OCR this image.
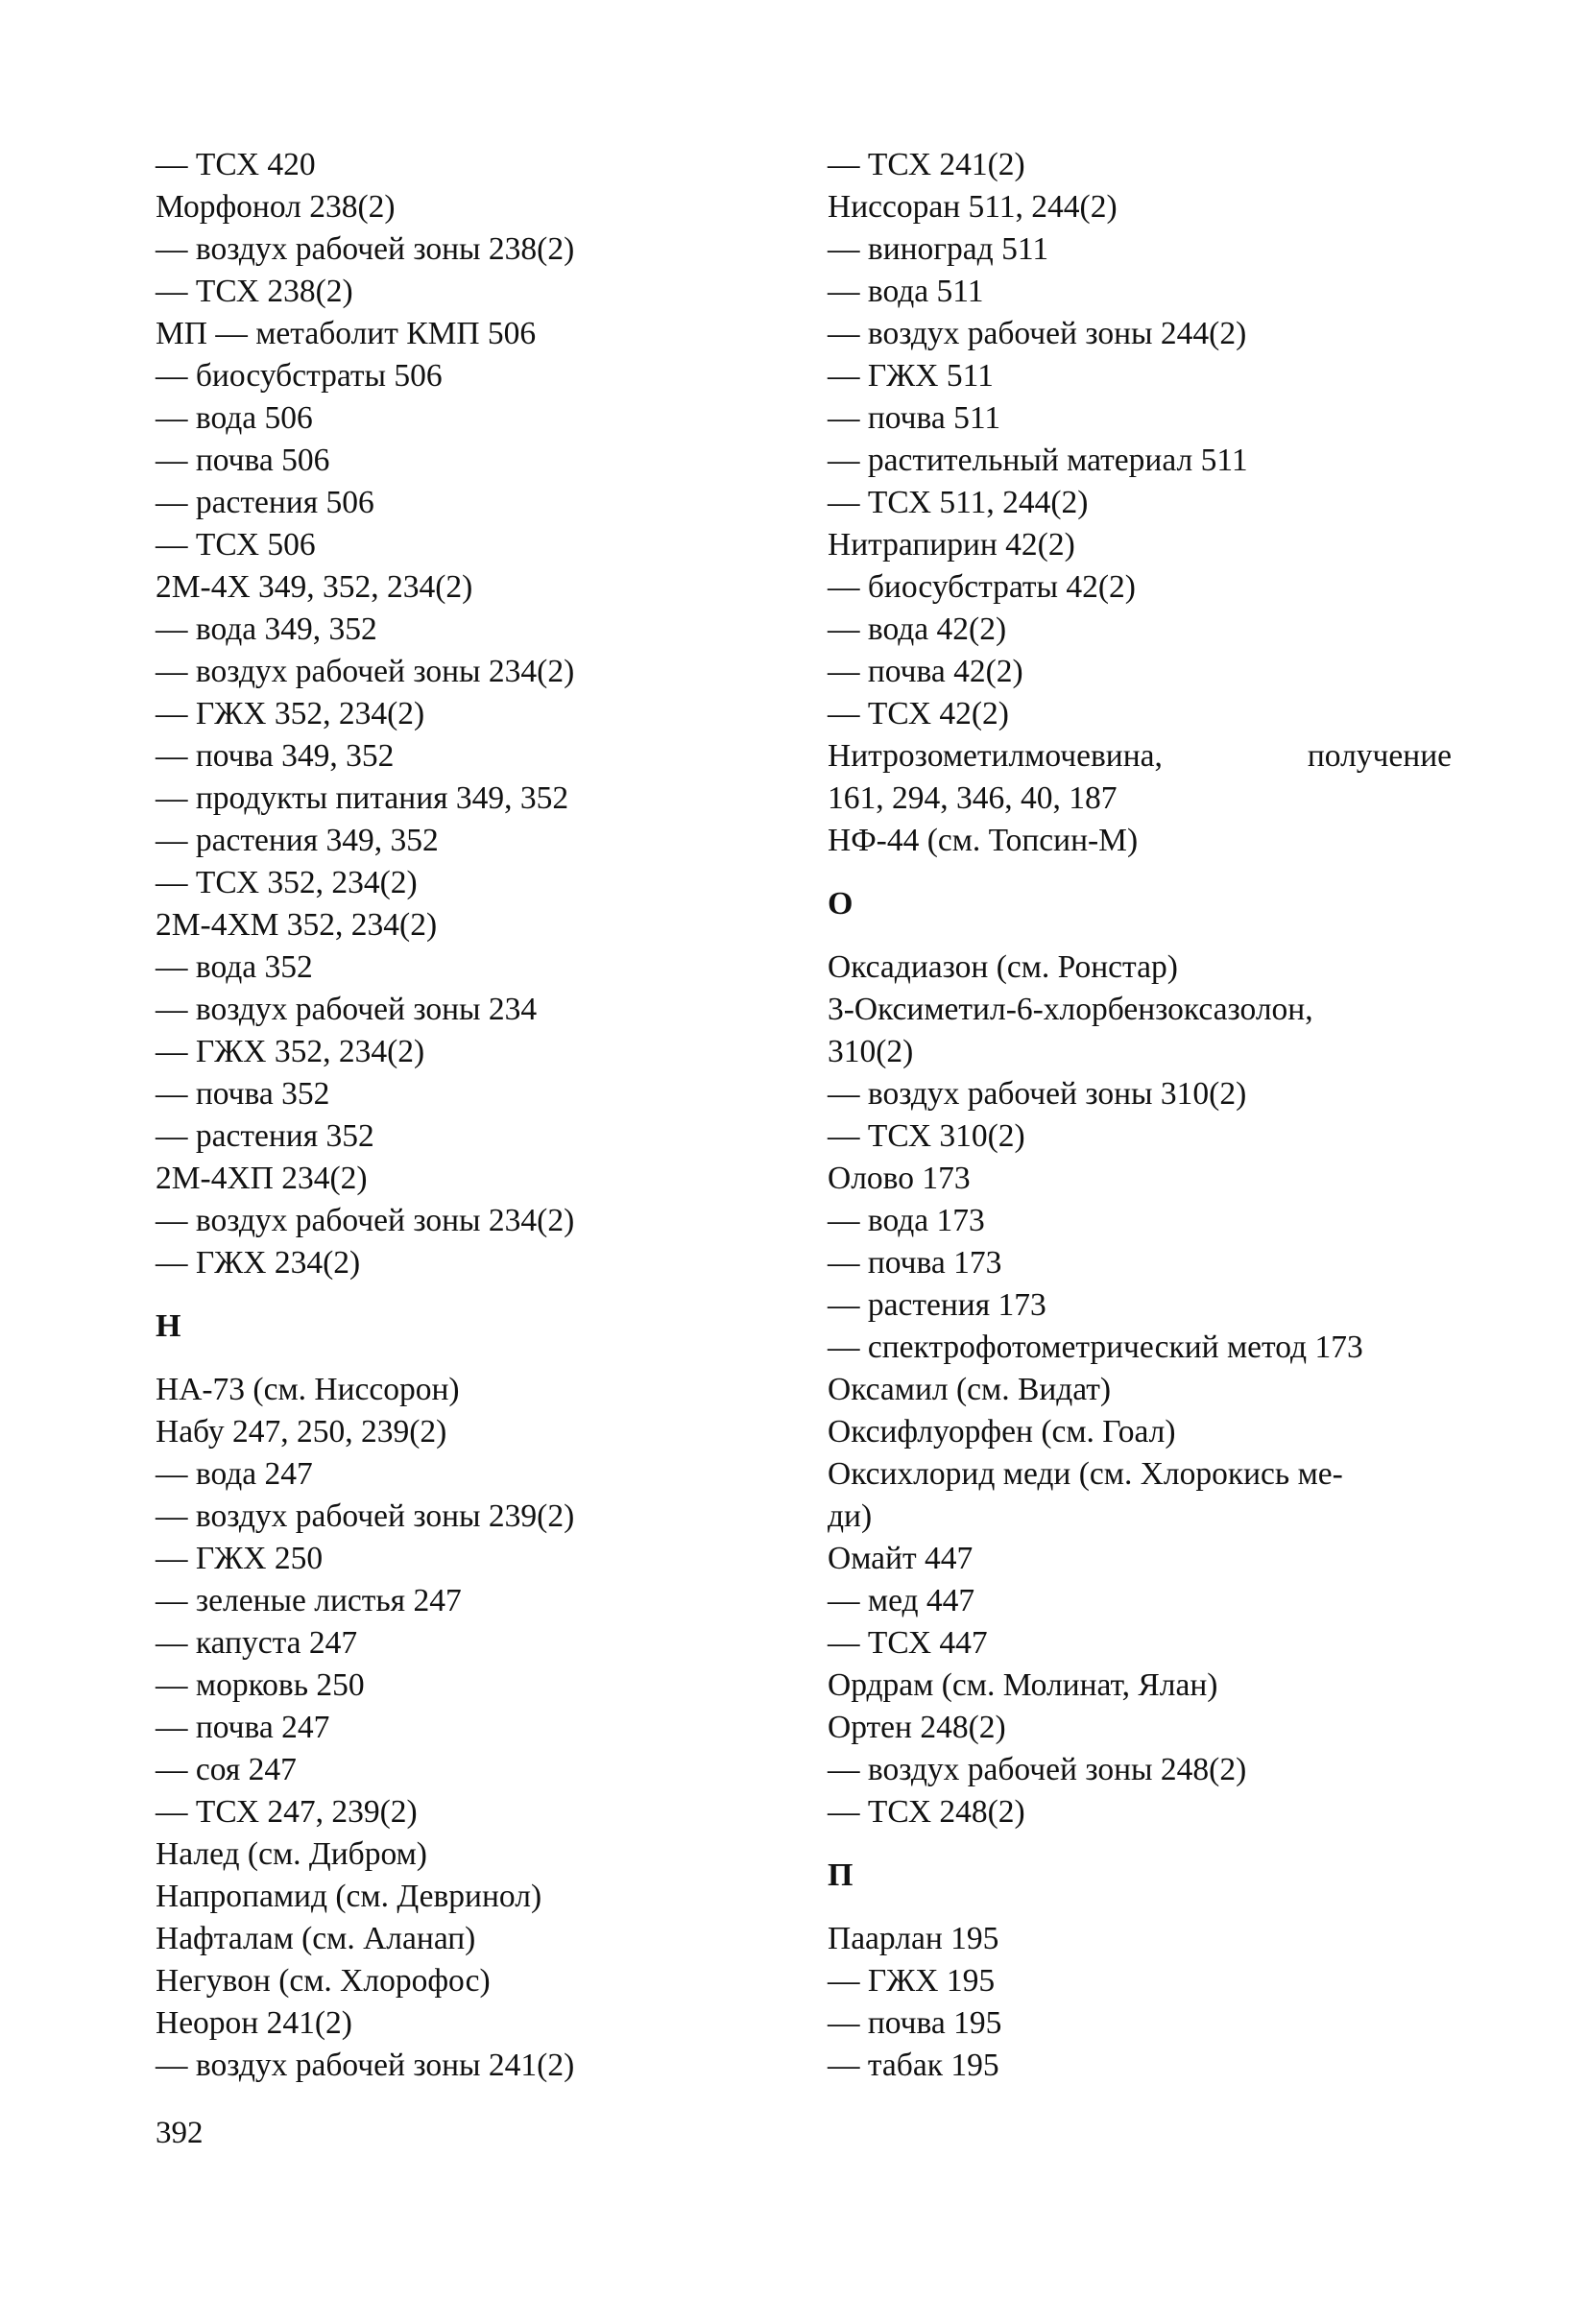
— ТСХ 420
Морфонол 238(2)
— воздух рабочей зоны 238(2)
— ТСХ 238(2)
МП — метаболит КМП 506
— биосубстраты 506
— вода 506
— почва 506
— растения 506
— ТСХ 506
2М-4Х 349, 352, 234(2)
— вода 349, 352
— воздух рабочей зоны 234(2)
— ГЖХ 352, 234(2)
— почва 349, 352
— продукты питания 349, 352
— растения 349, 352
— ТСХ 352, 234(2)
2М-4ХМ 352, 234(2)
— вода 352
— воздух рабочей зоны 234
— ГЖХ 352, 234(2)
— почва 352
— растения 352
2М-4ХП 234(2)
— воздух рабочей зоны 234(2)
— ГЖХ 234(2)
Н
НА-73 (см. Ниссорон)
Набу 247, 250, 239(2)
— вода 247
— воздух рабочей зоны 239(2)
— ГЖХ 250
— зеленые листья 247
— капуста 247
— морковь 250
— почва 247
— соя 247
— ТСХ 247, 239(2)
Налед (см. Дибром)
Напропамид (см. Девринол)
Нафталам (см. Аланап)
Негувон (см. Хлорофос)
Неорон 241(2)
— воздух рабочей зоны 241(2)
— ТСХ 241(2)
Ниссоран 511, 244(2)
— виноград 511
— вода 511
— воздух рабочей зоны 244(2)
— ГЖХ 511
— почва 511
— растительный материал 511
— ТСХ 511, 244(2)
Нитрапирин 42(2)
— биосубстраты 42(2)
— вода 42(2)
— почва 42(2)
— ТСХ 42(2)
Нитрозометилмочевина,	получение
161, 294, 346, 40, 187
НФ-44 (см. Топсин-М)
О
Оксадиазон (см. Ронстар)
3-Оксиметил-6-хлорбензоксазолон,
310(2)
— воздух рабочей зоны 310(2)
— ТСХ 310(2)
Олово 173
— вода 173
— почва 173
— растения 173
— спектрофотометрический метод 173
Оксамил (см. Видат)
Оксифлуорфен (см. Гоал)
Оксихлорид меди (см. Хлорокись ме-
ди)
Омайт 447
— мед 447
— ТСХ 447
Ордрам (см. Молинат, Ялан)
Ортен 248(2)
— воздух рабочей зоны 248(2)
— ТСХ 248(2)
П
Паарлан 195
— ГЖХ 195
— почва 195
— табак 195
392
